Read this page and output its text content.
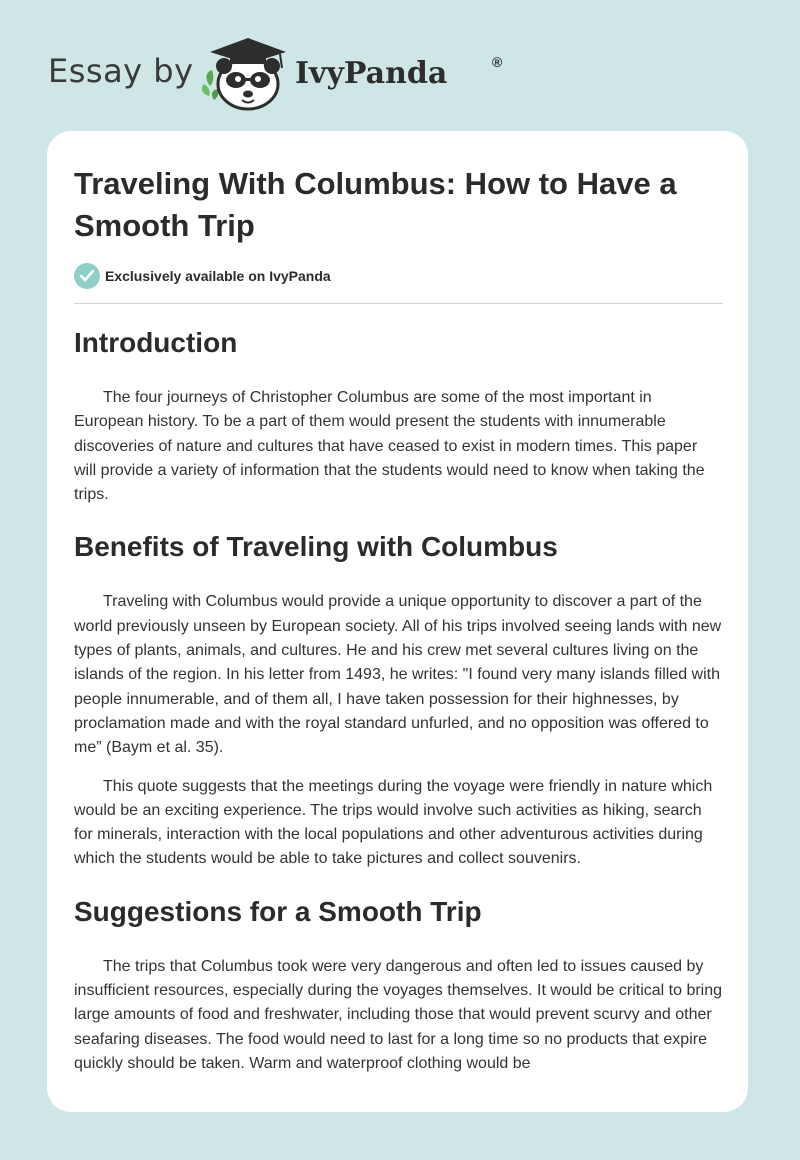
Essay by	IvyPanda	®
Traveling With Columbus: How to Have a Smooth Trip
Exclusively available on IvyPanda
Introduction

The four journeys of Christopher Columbus are some of the most important in European history. To be a part of them would present the students with innumerable discoveries of nature and cultures that have ceased to exist in modern times. This paper will provide a variety of information that the students would need to know when taking the trips.

Benefits of Traveling with Columbus

Traveling with Columbus would provide a unique opportunity to discover a part of the world previously unseen by European society. All of his trips involved seeing lands with new types of plants, animals, and cultures. He and his crew met several cultures living on the islands of the region. In his letter from 1493, he writes: "I found very many islands filled with people innumerable, and of them all, I have taken possession for their highnesses, by proclamation made and with the royal standard unfurled, and no opposition was offered to me” (Baym et al. 35).

This quote suggests that the meetings during the voyage were friendly in nature which would be an exciting experience. The trips would involve such activities as hiking, search for minerals, interaction with the local populations and other adventurous activities during which the students would be able to take pictures and collect souvenirs.

Suggestions for a Smooth Trip

The trips that Columbus took were very dangerous and often led to issues caused by insufficient resources, especially during the voyages themselves. It would be critical to bring large amounts of food and freshwater, including those that would prevent scurvy and other seafaring diseases. The food would need to last for a long time so no products that expire quickly should be taken. Warm and waterproof clothing would be
